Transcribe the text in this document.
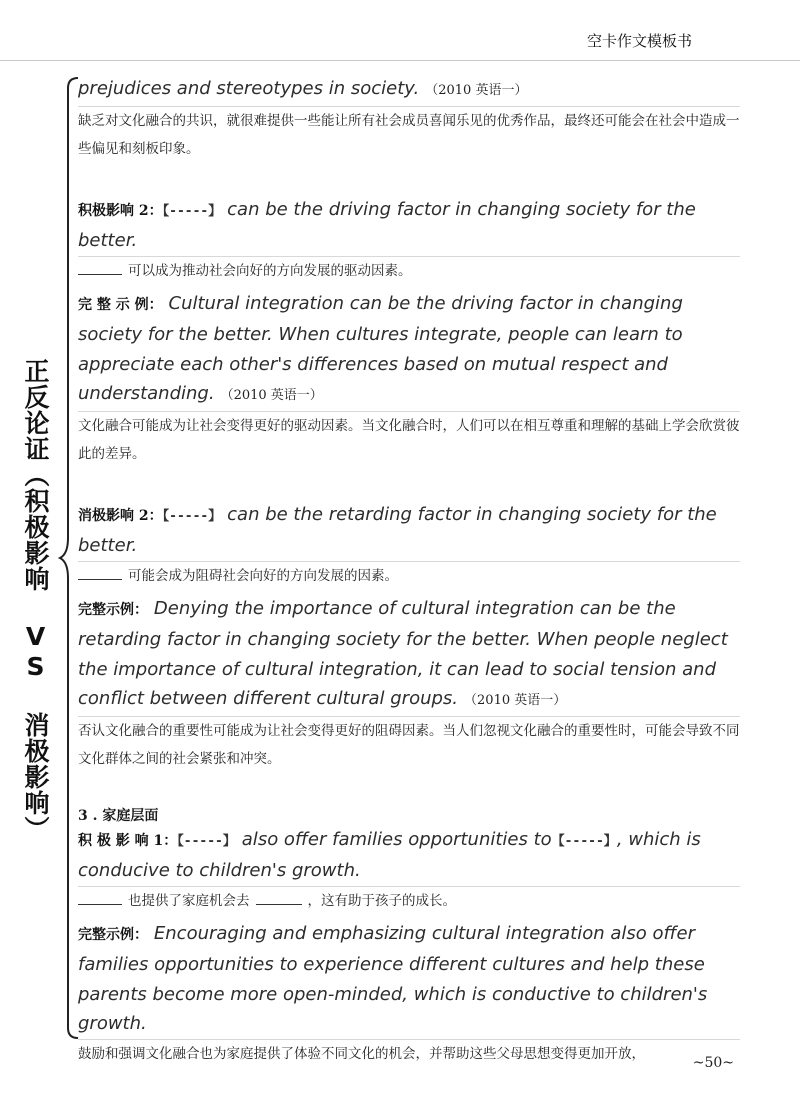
空卡作文模板书
正反论证（积极影响 VS 消极影响）
prejudices and stereotypes in society. （2010 英语一）
缺乏对文化融合的共识，就很难提供一些能让所有社会成员喜闻乐见的优秀作品，最终还可能会在社会中造成一些偏见和刻板印象。
积极影响 2：【-----】 can be the driving factor in changing society for the better.
可以成为推动社会向好的方向发展的驱动因素。
完 整 示 例： Cultural integration can be the driving factor in changing society for the better. When cultures integrate, people can learn to appreciate each other's differences based on mutual respect and understanding. （2010 英语一）
文化融合可能成为让社会变得更好的驱动因素。当文化融合时，人们可以在相互尊重和理解的基础上学会欣赏彼此的差异。
消极影响 2：【-----】 can be the retarding factor in changing society for the better.
可能会成为阻碍社会向好的方向发展的因素。
完整示例： Denying the importance of cultural integration can be the retarding factor in changing society for the better. When people neglect the importance of cultural integration, it can lead to social tension and conflict between different cultural groups. （2010 英语一）
否认文化融合的重要性可能成为让社会变得更好的阻碍因素。当人们忽视文化融合的重要性时，可能会导致不同文化群体之间的社会紧张和冲突。
3 . 家庭层面
积 极 影 响 1：【-----】 also offer families opportunities to【-----】, which is conducive to children's growth.
也提供了家庭机会去	，这有助于孩子的成长。
完整示例： Encouraging and emphasizing cultural integration also offer families opportunities to experience different cultures and help these parents become more open-minded, which is conductive to children's growth.
鼓励和强调文化融合也为家庭提供了体验不同文化的机会，并帮助这些父母思想变得更加开放，
~50~
